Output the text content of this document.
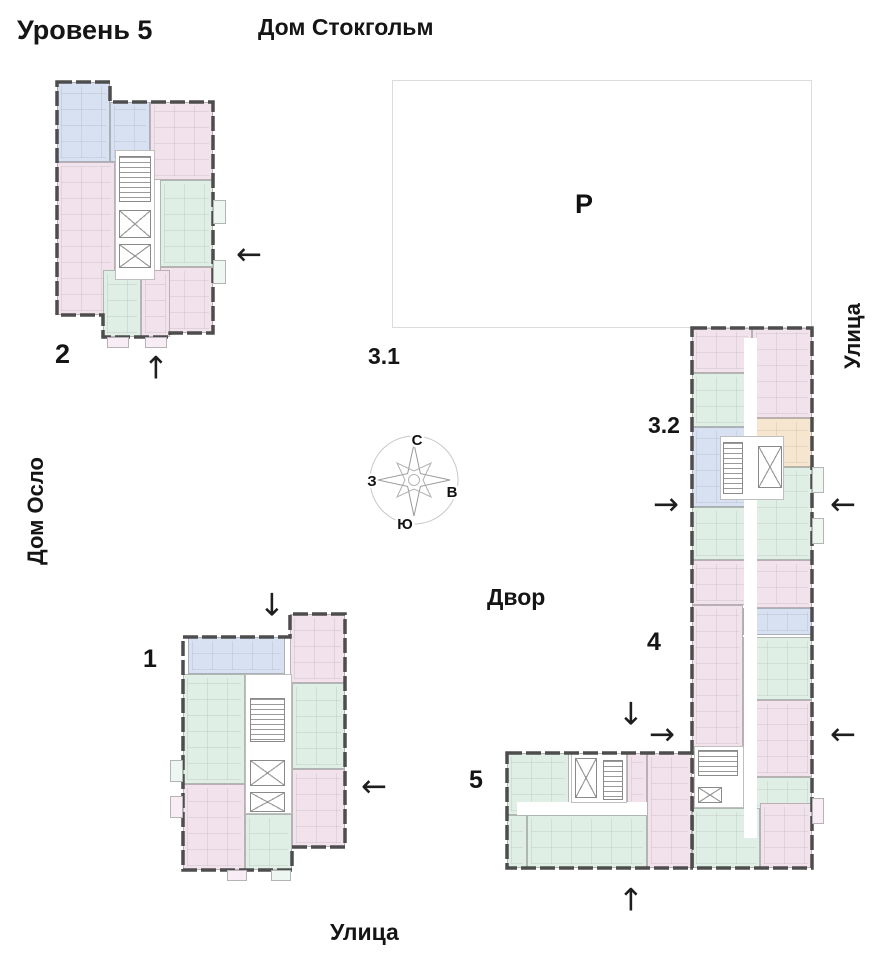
Уровень 5	Дом Стокгольм
Дом Осло
Улица
Улица
Двор
2	3.1
3.2
4
5
1
Р
←
↑
→	←
↓
→	←
↑
↓
←
С
В
Ю
З
